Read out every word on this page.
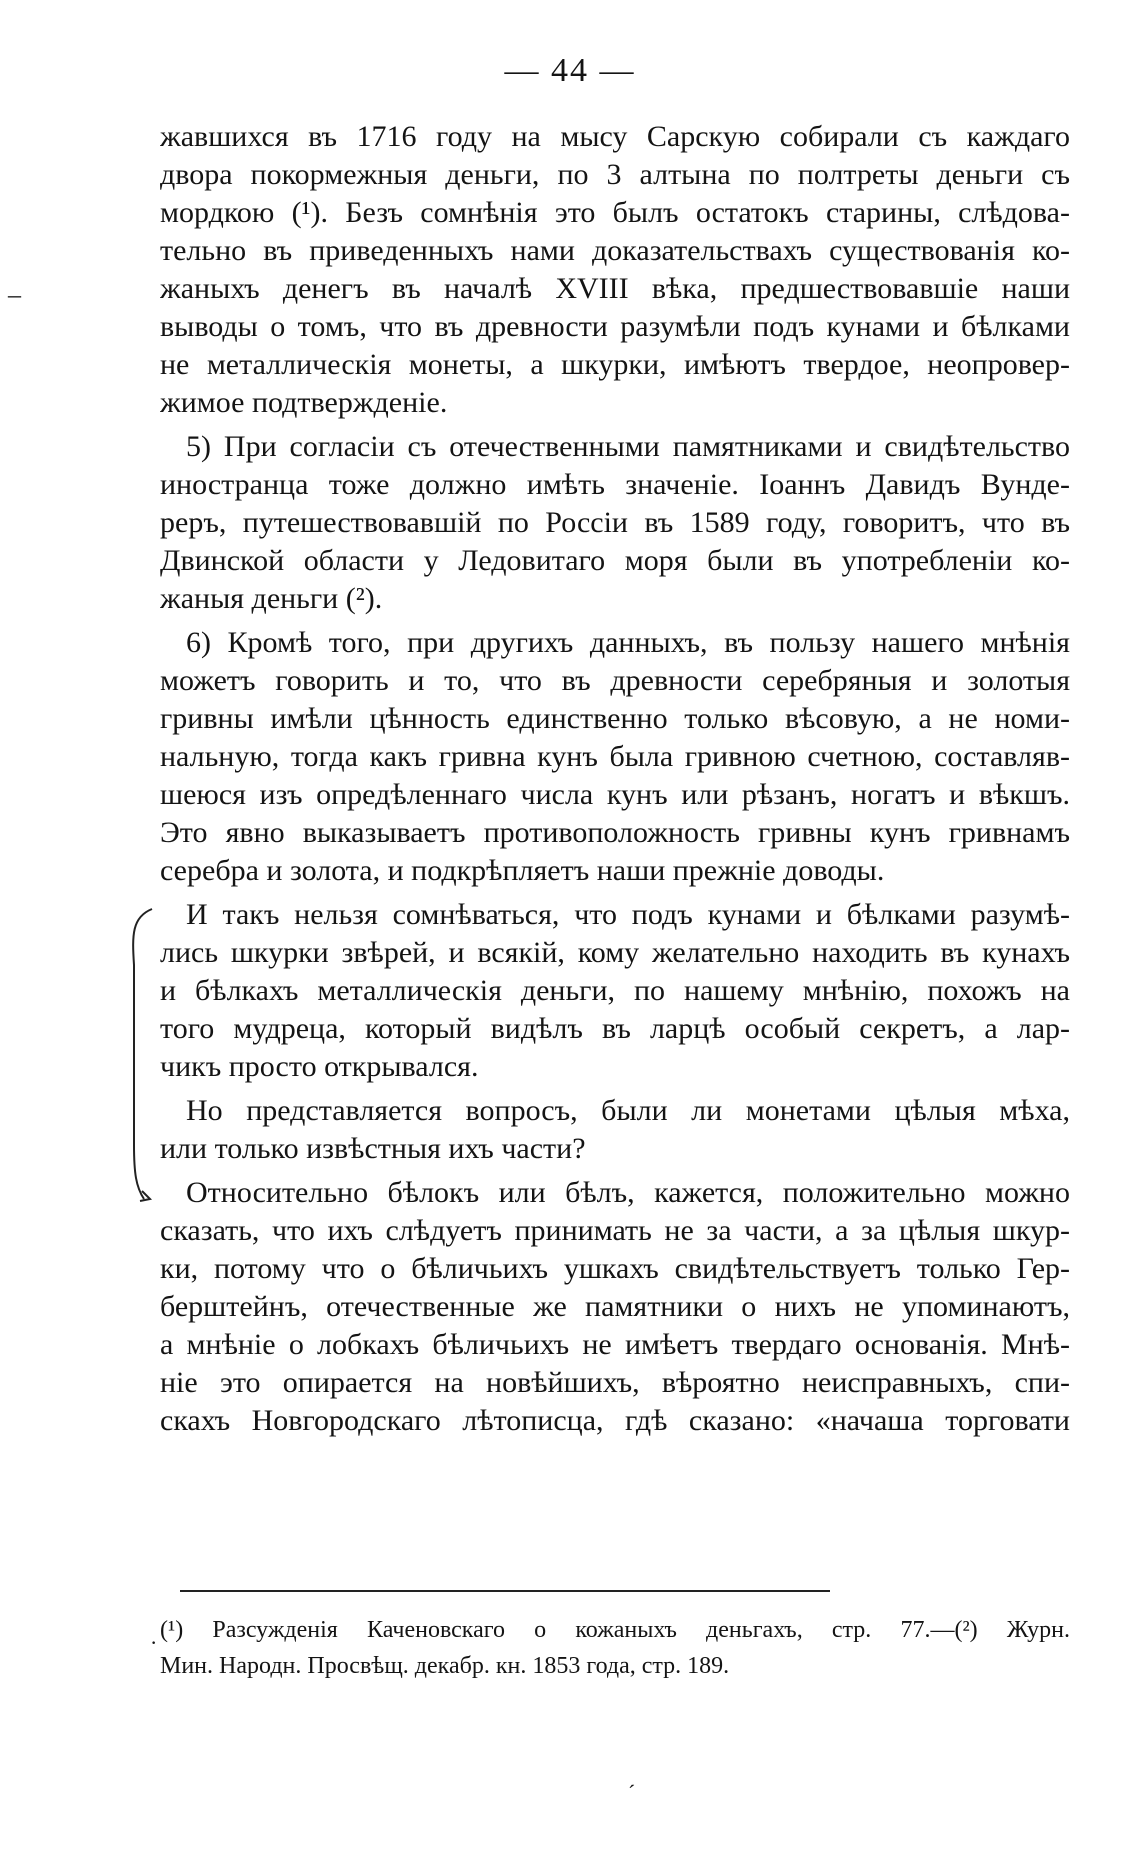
— 44 —
–
·
´
жавшихся въ 1716 году на мысу Сарскую собирали съ каждаго
двора покормежныя деньги, по 3 алтына по полтреты деньги съ
мордкою (¹). Безъ сомнѣнія это былъ остатокъ старины, слѣдова-
тельно въ приведенныхъ нами доказательствахъ существованія ко-
жаныхъ денегъ въ началѣ XVIII вѣка, предшествовавшіе наши
выводы о томъ, что въ древности разумѣли подъ кунами и бѣлками
не металлическія монеты, а шкурки, имѣютъ твердое, неопровер-
жимое подтвержденіе.
5) При согласіи съ отечественными памятниками и свидѣтельство
иностранца тоже должно имѣть значеніе. Іоаннъ Давидъ Вунде-
реръ, путешествовавшій по Россіи въ 1589 году, говоритъ, что въ
Двинской области у Ледовитаго моря были въ употребленіи ко-
жаныя деньги (²).
6) Кромѣ того, при другихъ данныхъ, въ пользу нашего мнѣнія
можетъ говорить и то, что въ древности серебряныя и золотыя
гривны имѣли цѣнность единственно только вѣсовую, а не номи-
нальную, тогда какъ гривна кунъ была гривною счетною, составляв-
шеюся изъ опредѣленнаго числа кунъ или рѣзанъ, ногатъ и вѣкшъ.
Это явно выказываетъ противоположность гривны кунъ гривнамъ
серебра и золота, и подкрѣпляетъ наши прежніе доводы.
И такъ нельзя сомнѣваться, что подъ кунами и бѣлками разумѣ-
лись шкурки звѣрей, и всякій, кому желательно находить въ кунахъ
и бѣлкахъ металлическія деньги, по нашему мнѣнію, похожъ на
того мудреца, который видѣлъ въ ларцѣ особый секретъ, а лар-
чикъ просто открывался.
Но представляется вопросъ, были ли монетами цѣлыя мѣха,
или только извѣстныя ихъ части?
Относительно бѣлокъ или бѣлъ, кажется, положительно можно
сказать, что ихъ слѣдуетъ принимать не за части, а за цѣлыя шкур-
ки, потому что о бѣличьихъ ушкахъ свидѣтельствуетъ только Гер-
берштейнъ, отечественные же памятники о нихъ не упоминаютъ,
а мнѣніе о лобкахъ бѣличьихъ не имѣетъ твердаго основанія. Мнѣ-
ніе это опирается на новѣйшихъ, вѣроятно неисправныхъ, спи-
скахъ Новгородскаго лѣтописца, гдѣ сказано: «начаша торговати
(¹) Разсужденія Каченовскаго о кожаныхъ деньгахъ, стр. 77.—(²) Журн.
Мин. Народн. Просвѣщ. декабр. кн. 1853 года, стр. 189.
